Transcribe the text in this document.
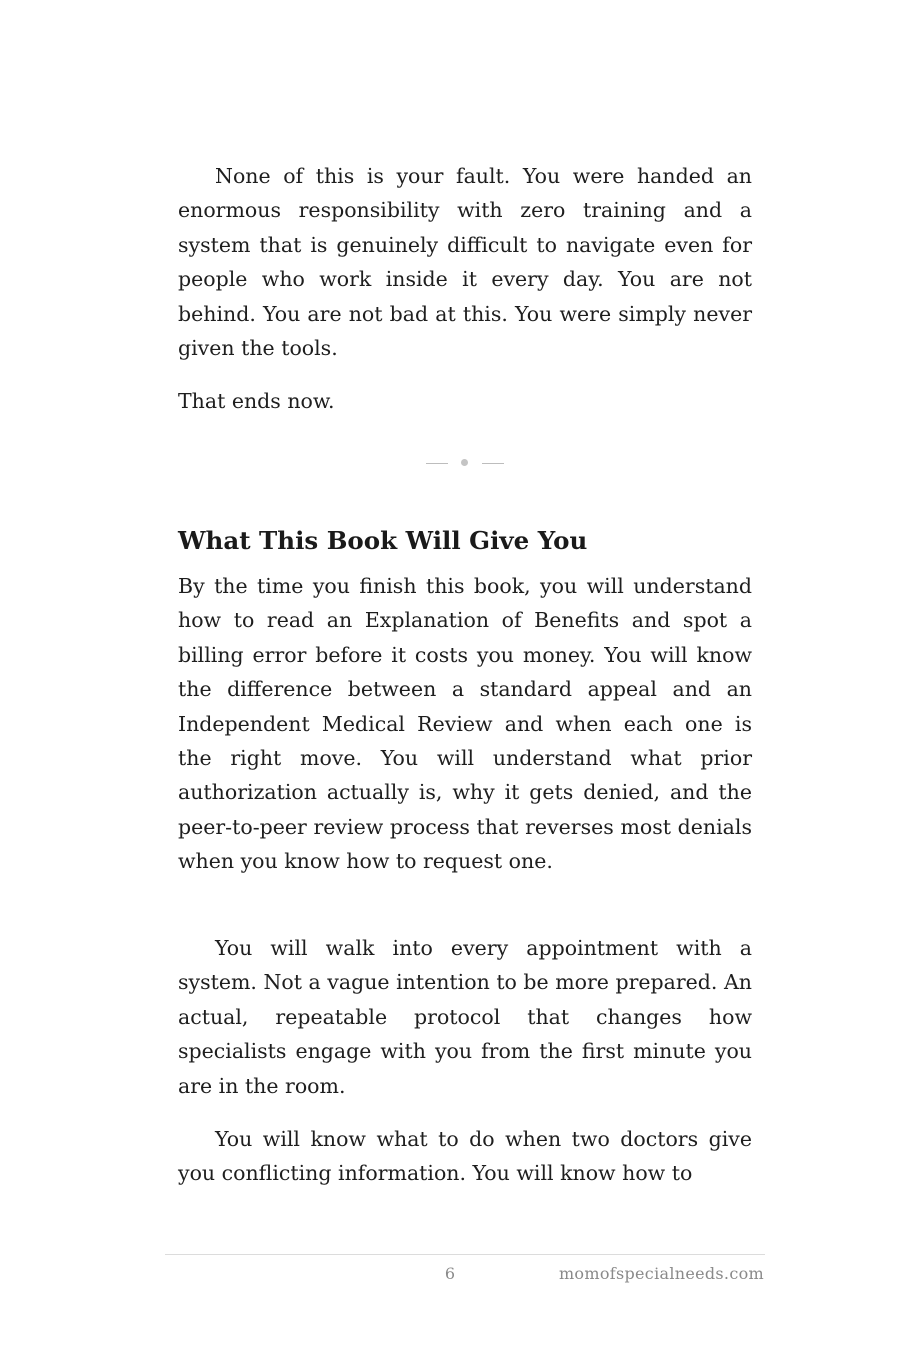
None of this is your fault. You were handed an enormous responsibility with zero training and a system that is genuinely difficult to navigate even for people who work inside it every day. You are not behind. You are not bad at this. You were simply never given the tools.

That ends now.

What This Book Will Give You

By the time you finish this book, you will understand how to read an Explanation of Benefits and spot a billing error before it costs you money. You will know the difference between a standard appeal and an Independent Medical Review and when each one is the right move. You will understand what prior authorization actually is, why it gets denied, and the peer-to-peer review process that reverses most denials when you know how to request one.

You will walk into every appointment with a system. Not a vague intention to be more prepared. An actual, repeatable protocol that changes how specialists engage with you from the first minute you are in the room.

You will know what to do when two doctors give you conflicting information. You will know how to

6	momofspecialneeds.com
